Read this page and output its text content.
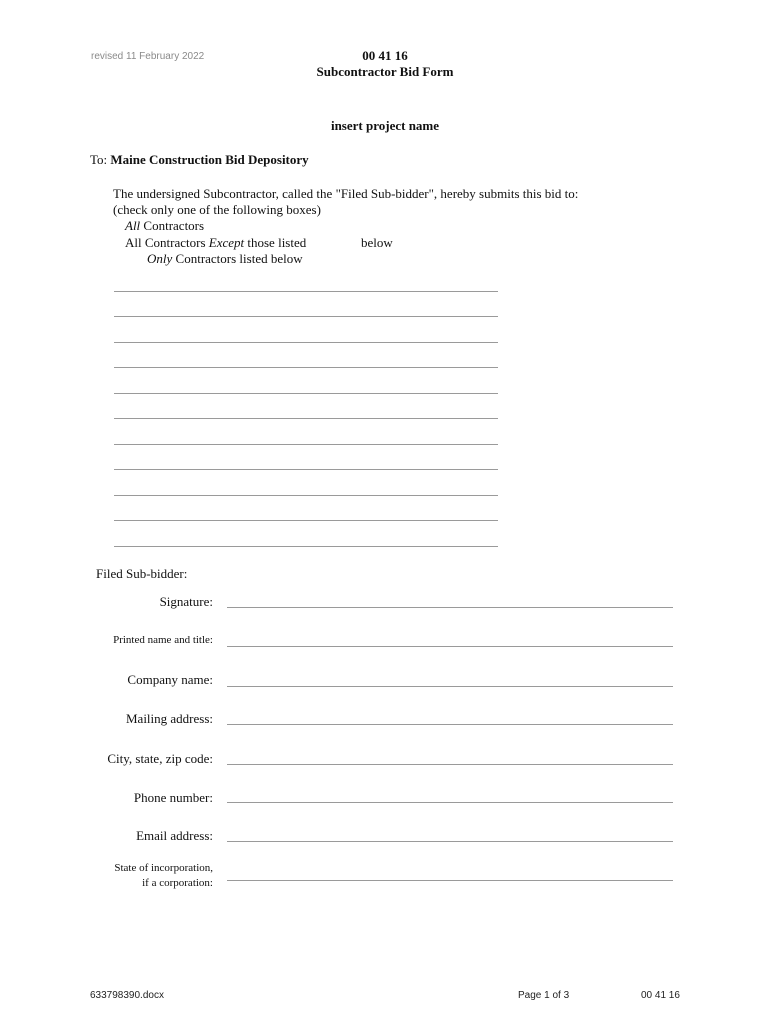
revised 11 February 2022	00 41 16
Subcontractor Bid Form
insert project name
To: Maine Construction Bid Depository
The undersigned Subcontractor, called the "Filed Sub-bidder", hereby submits this bid to:
(check only one of the following boxes)
All Contractors
All Contractors Except those listed	below
Only Contractors listed below
Filed Sub-bidder:
Signature:
Printed name and title:
Company name:
Mailing address:
City, state, zip code:
Phone number:
Email address:
State of incorporation,
if a corporation:
633798390.docx	Page 1 of 3	00 41 16
